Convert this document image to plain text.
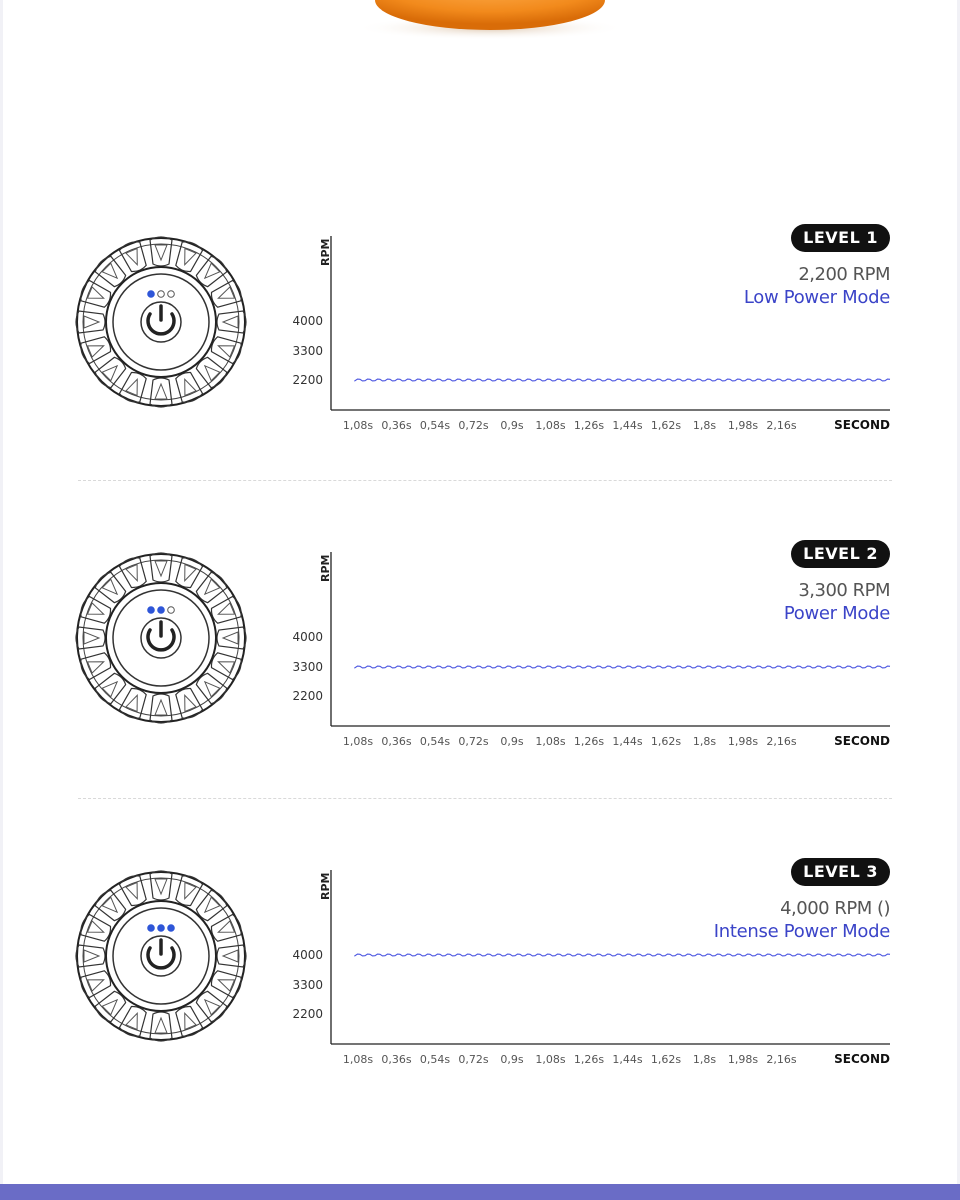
4000
3300
2200
1,08s 0,36s 0,54s 0,72s 0,9s 1,08s 1,26s 1,44s 1,62s 1,8s 1,98s 2,16s	SECOND
RPM
LEVEL 1
2,200 RPM
Low Power Mode
4000
3300
2200
1,08s 0,36s 0,54s 0,72s 0,9s 1,08s 1,26s 1,44s 1,62s 1,8s 1,98s 2,16s	SECOND
RPM
LEVEL 2
3,300 RPM
Power Mode
4000
3300
2200
1,08s 0,36s 0,54s 0,72s 0,9s 1,08s 1,26s 1,44s 1,62s 1,8s 1,98s 2,16s	SECOND
RPM
LEVEL 3
4,000 RPM ()
Intense Power Mode
